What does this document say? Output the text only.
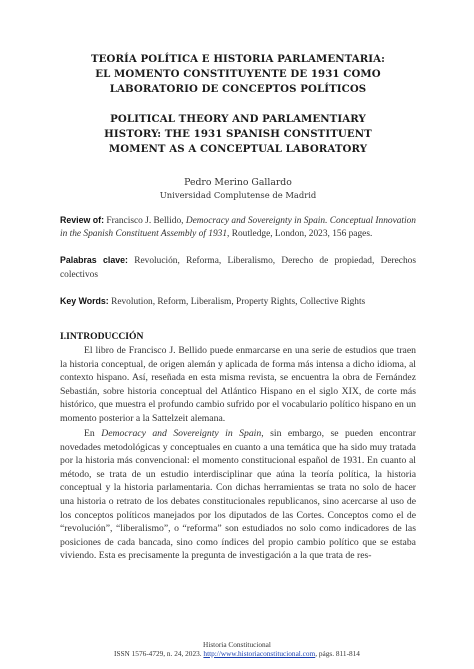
TEORÍA POLÍTICA E HISTORIA PARLAMENTARIA:
EL MOMENTO CONSTITUYENTE DE 1931 COMO
LABORATORIO DE CONCEPTOS POLÍTICOS
POLITICAL THEORY AND PARLAMENTIARY
HISTORY: THE 1931 SPANISH CONSTITUENT
MOMENT AS A CONCEPTUAL LABORATORY
Pedro Merino Gallardo
Universidad Complutense de Madrid
Review of: Francisco J. Bellido, Democracy and Sovereignty in Spain. Conceptual Innovation in the Spanish Constituent Assembly of 1931, Routledge, London, 2023, 156 pages.
Palabras clave: Revolución, Reforma, Liberalismo, Derecho de propiedad, Derechos colectivos
Key Words: Revolution, Reform, Liberalism, Property Rights, Collective Rights
I.INTRODUCCIÓN

El libro de Francisco J. Bellido puede enmarcarse en una serie de estudios que traen la historia conceptual, de origen alemán y aplicada de forma más intensa a dicho idioma, al contexto hispano. Así, reseñada en esta misma revista, se encuentra la obra de Fernández Sebastián, sobre historia conceptual del Atlántico Hispano en el siglo XIX, de corte más histórico, que muestra el profundo cambio sufrido por el vocabulario político hispano en un momento posterior a la Sattelzeit alemana.

En Democracy and Sovereignty in Spain, sin embargo, se pueden encontrar novedades metodológicas y conceptuales en cuanto a una temática que ha sido muy tratada por la historia más convencional: el momento constitucional español de 1931. En cuanto al método, se trata de un estudio interdisciplinar que aúna la teoría política, la historia conceptual y la historia parlamentaria. Con dichas herramientas se trata no solo de hacer una historia o retrato de los debates constitucionales republicanos, sino acercarse al uso de los conceptos políticos manejados por los diputados de las Cortes. Conceptos como el de “revolución”, “liberalismo”, o “reforma” son estudiados no solo como indicadores de las posiciones de cada bancada, sino como índices del propio cambio político que se estaba viviendo. Esta es precisamente la pregunta de investigación a la que trata de res-

Historia Constitucional
ISSN 1576-4729, n. 24, 2023. http://www.historiaconstitucional.com, págs. 811-814
